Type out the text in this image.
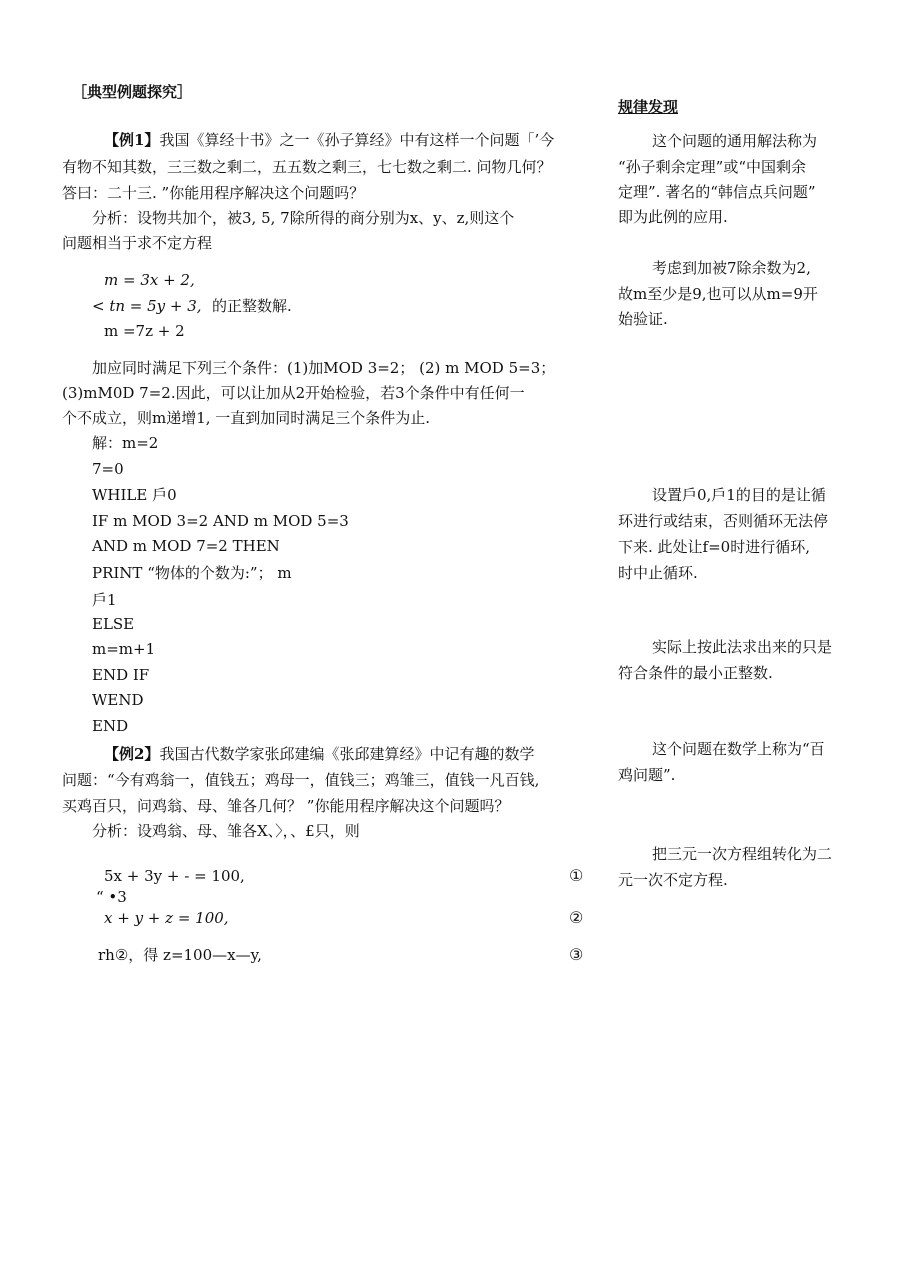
［典型例题探究］
【例1】我国《算经十书》之一《孙子算经》中有这样一个问题「’今
有物不知其数，三三数之剩二，五五数之剩三，七七数之剩二. 问物几何？
答曰：二十三. ”你能用程序解决这个问题吗？
分析：设物共加个，被3, 5, 7除所得的商分别为x、y、z,则这个
问题相当于求不定方程
m = 3x + 2,
< tn = 5y + 3, 的正整数解.
m =7z + 2
加应同时满足下列三个条件：(1)加MOD 3=2； (2) m MOD 5=3；
(3)mM0D 7=2.因此，可以让加从2开始检验，若3个条件中有任何一
个不成立，则m递增1, 一直到加同时满足三个条件为止.
解：m=2
7=0
WHILE 戶0
IF m MOD 3=2 AND m MOD 5=3
AND m MOD 7=2 THEN
PRINT “物体的个数为:”； m
戶1
ELSE
m=m+1
END IF
WEND
END
【例2】我国古代数学家张邱建编《张邱建算经》中记有趣的数学
问题：“今有鸡翁一，值钱五；鸡母一，值钱三；鸡雏三，值钱一凡百钱,
买鸡百只，问鸡翁、母、雏各几何？ ”你能用程序解决这个问题吗？
分析：设鸡翁、母、雏各X、〉，、£只，则
5x + 3y + - = 100,
“ •3
x + y + z = 100,
rh②，得 z=100—x—y,
①
②
③
规律发现
这个问题的通用解法称为
“孙子剩余定理”或“中国剩余
定理”. 著名的“韩信点兵问题”
即为此例的应用.
考虑到加被7除余数为2,
故m至少是9,也可以从m=9开
始验证.
设置戶0,戶1的目的是让循
环进行或结束，否则循环无法停
下来. 此处让f=0时进行循环,
时中止循环.
实际上按此法求出来的只是
符合条件的最小正整数.
这个问题在数学上称为“百
鸡问题”.
把三元一次方程组转化为二
元一次不定方程.
